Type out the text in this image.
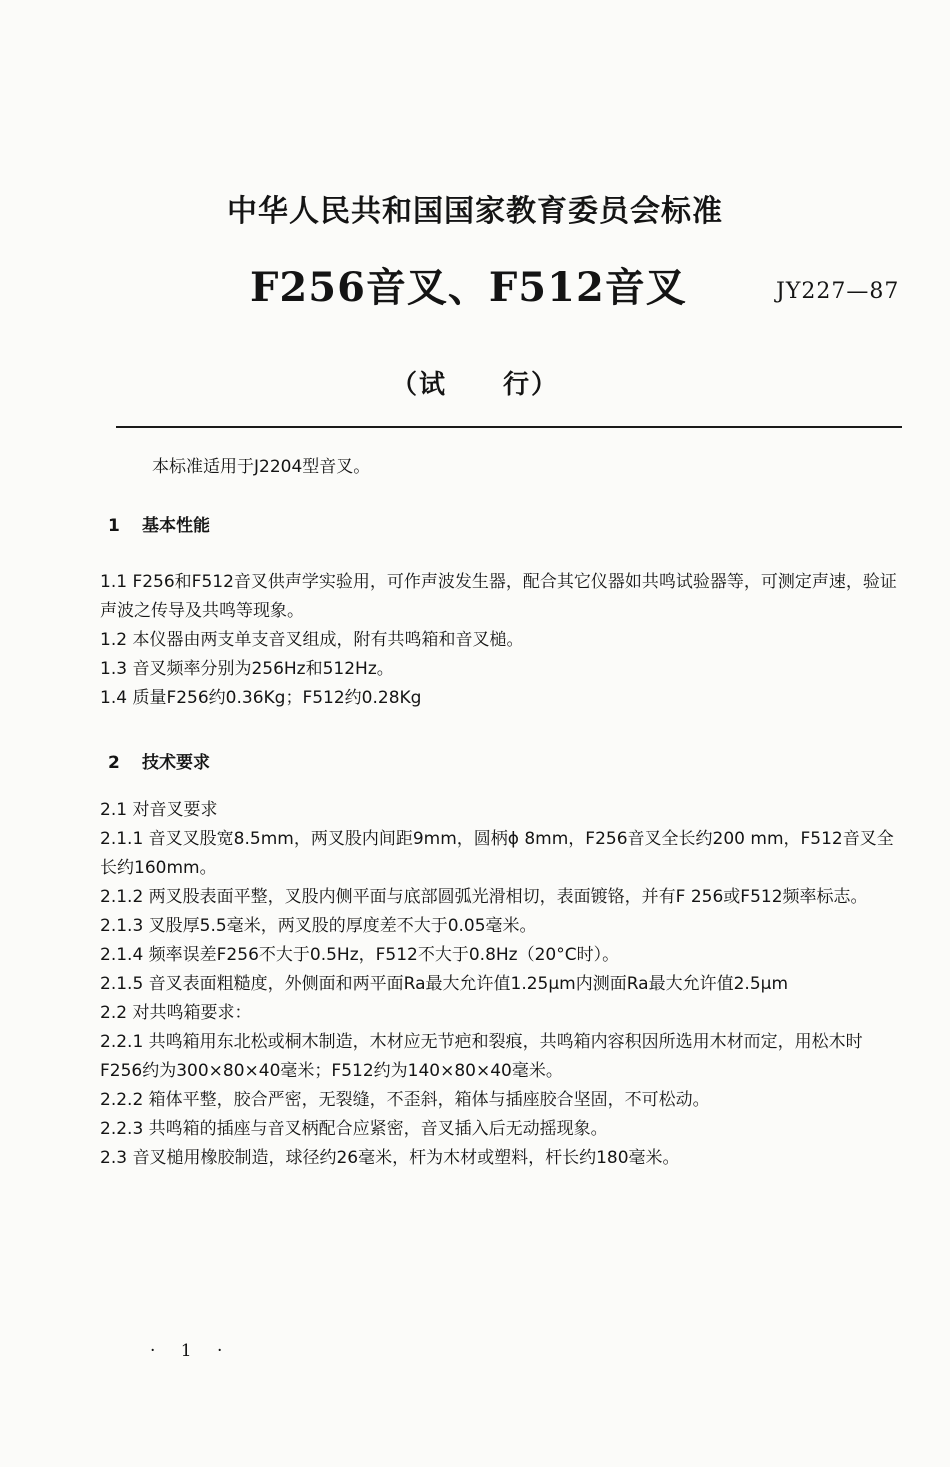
中华人民共和国国家教育委员会标准
F256音叉、F512音叉	JY227—87
（试　　行）
本标准适用于J2204型音叉。
1 基本性能

1.1 F256和F512音叉供声学实验用，可作声波发生器，配合其它仪器如共鸣试验器等，可测定声速，验证声波之传导及共鸣等现象。

1.2 本仪器由两支单支音叉组成，附有共鸣箱和音叉槌。

1.3 音叉频率分别为256Hz和512Hz。

1.4 质量F256约0.36Kg；F512约0.28Kg

2 技术要求

2.1 对音叉要求

2.1.1 音叉叉股宽8.5mm，两叉股内间距9mm，圆柄ϕ 8mm，F256音叉全长约200 mm，F512音叉全长约160mm。

2.1.2 两叉股表面平整，叉股内侧平面与底部圆弧光滑相切，表面镀铬，并有F 256或F512频率标志。

2.1.3 叉股厚5.5毫米，两叉股的厚度差不大于0.05毫米。

2.1.4 频率误差F256不大于0.5Hz，F512不大于0.8Hz（20°C时）。

2.1.5 音叉表面粗糙度，外侧面和两平面Ra最大允许值1.25μm内测面Ra最大允许值2.5μm

2.2 对共鸣箱要求：

2.2.1 共鸣箱用东北松或桐木制造，木材应无节疤和裂痕，共鸣箱内容积因所选用木材而定，用松木时F256约为300×80×40毫米；F512约为140×80×40毫米。

2.2.2 箱体平整，胶合严密，无裂缝，不歪斜，箱体与插座胶合坚固，不可松动。

2.2.3 共鸣箱的插座与音叉柄配合应紧密，音叉插入后无动摇现象。

2.3 音叉槌用橡胶制造，球径约26毫米，杆为木材或塑料，杆长约180毫米。

· 1 ·
